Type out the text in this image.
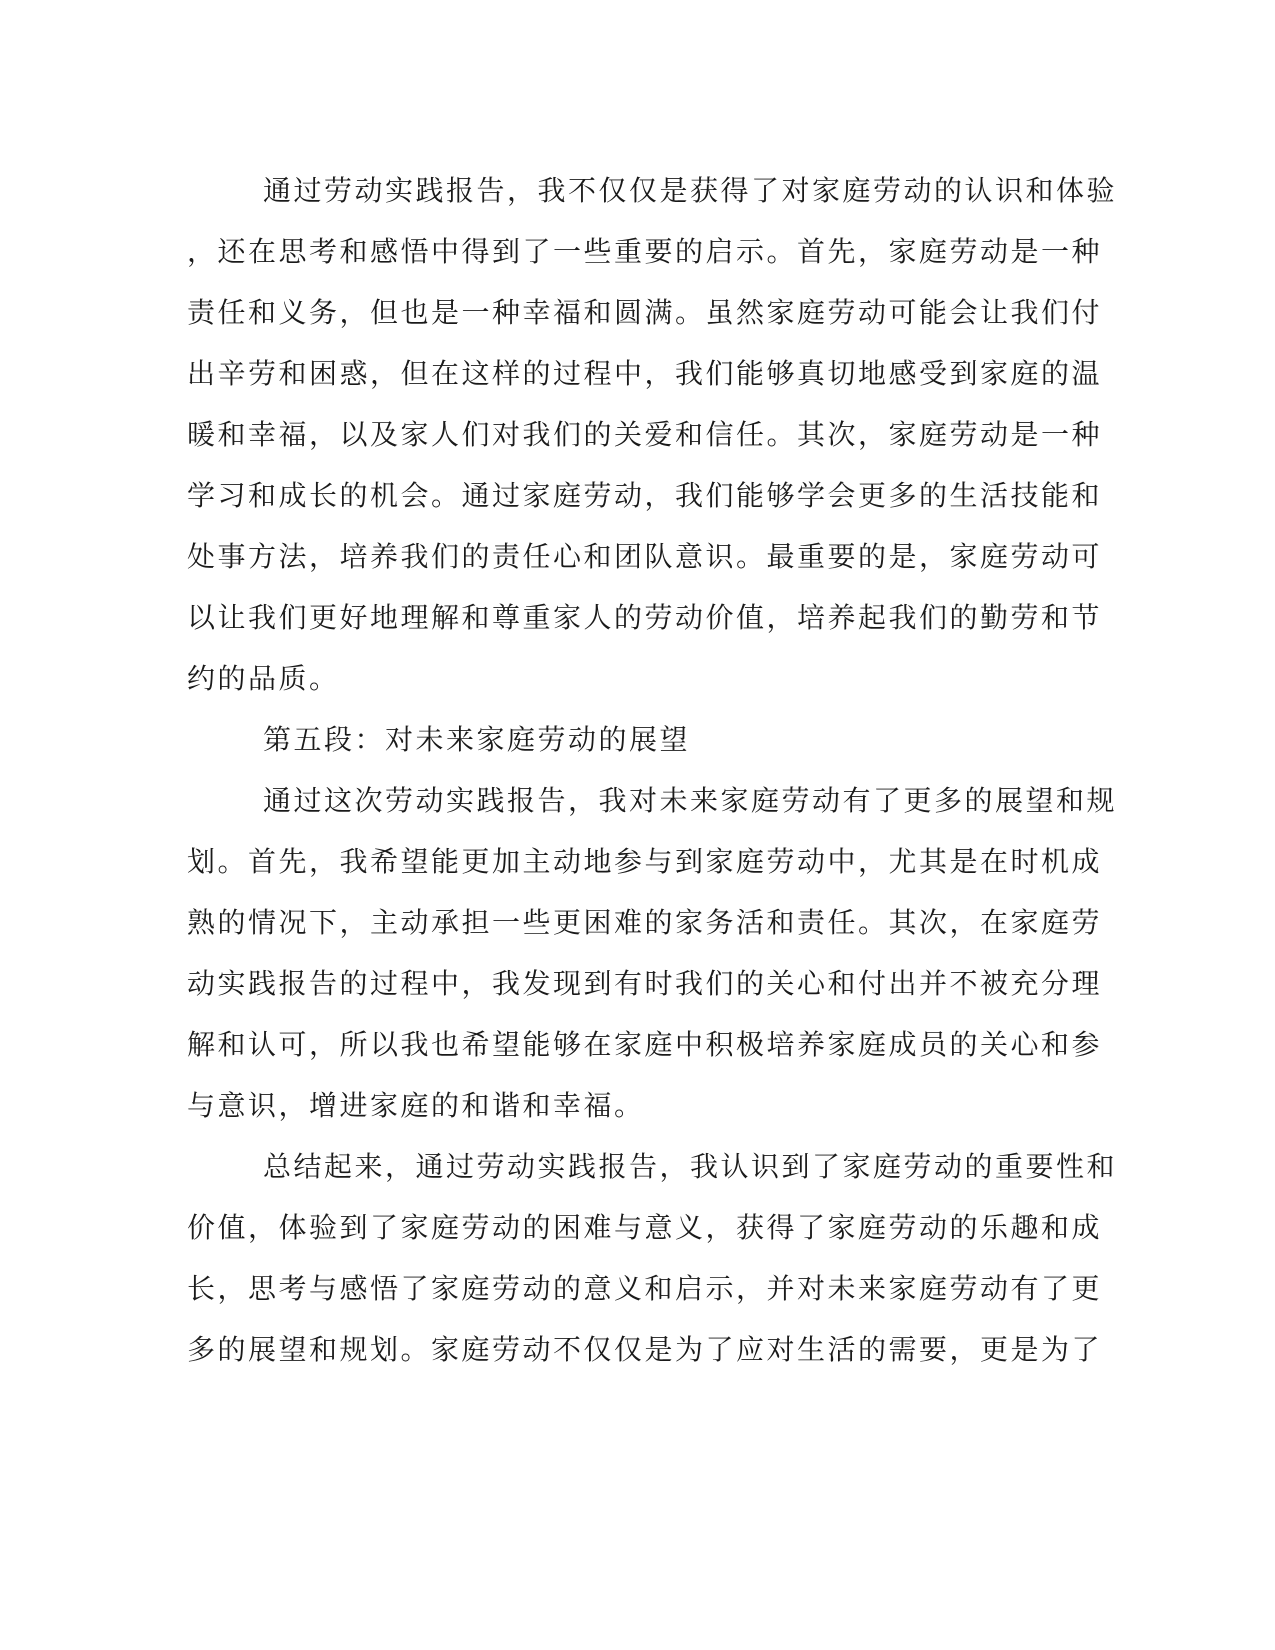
通过劳动实践报告，我不仅仅是获得了对家庭劳动的认识和体验
，还在思考和感悟中得到了一些重要的启示。首先，家庭劳动是一种
责任和义务，但也是一种幸福和圆满。虽然家庭劳动可能会让我们付
出辛劳和困惑，但在这样的过程中，我们能够真切地感受到家庭的温
暖和幸福，以及家人们对我们的关爱和信任。其次，家庭劳动是一种
学习和成长的机会。通过家庭劳动，我们能够学会更多的生活技能和
处事方法，培养我们的责任心和团队意识。最重要的是，家庭劳动可
以让我们更好地理解和尊重家人的劳动价值，培养起我们的勤劳和节
约的品质。
第五段：对未来家庭劳动的展望
通过这次劳动实践报告，我对未来家庭劳动有了更多的展望和规
划。首先，我希望能更加主动地参与到家庭劳动中，尤其是在时机成
熟的情况下，主动承担一些更困难的家务活和责任。其次，在家庭劳
动实践报告的过程中，我发现到有时我们的关心和付出并不被充分理
解和认可，所以我也希望能够在家庭中积极培养家庭成员的关心和参
与意识，增进家庭的和谐和幸福。
总结起来，通过劳动实践报告，我认识到了家庭劳动的重要性和
价值，体验到了家庭劳动的困难与意义，获得了家庭劳动的乐趣和成
长，思考与感悟了家庭劳动的意义和启示，并对未来家庭劳动有了更
多的展望和规划。家庭劳动不仅仅是为了应对生活的需要，更是为了
